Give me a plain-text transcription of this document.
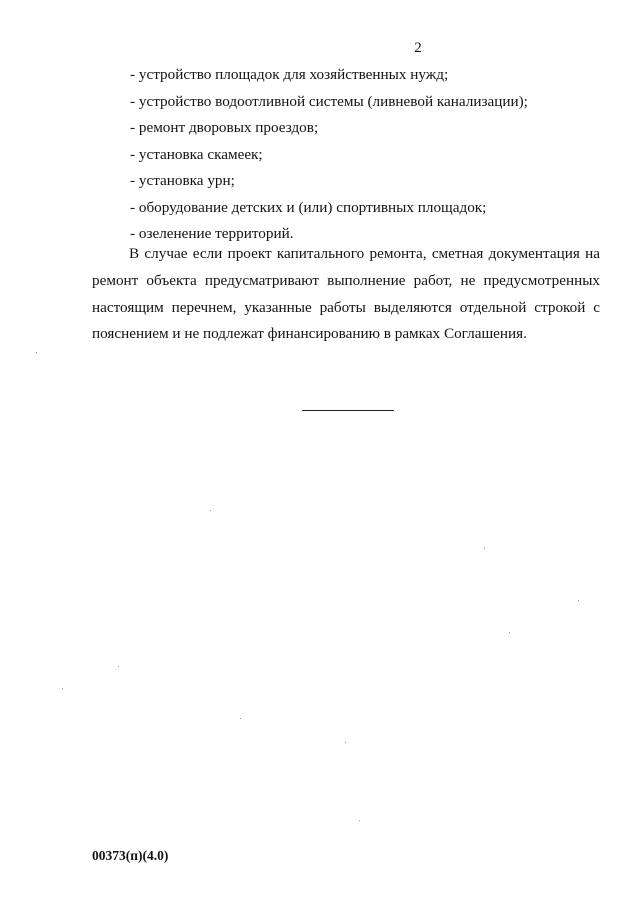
2
- устройство площадок для хозяйственных нужд;
- устройство водоотливной системы (ливневой канализации);
- ремонт дворовых проездов;
- установка скамеек;
- установка урн;
- оборудование детских и (или) спортивных площадок;
- озеленение территорий.

В случае если проект капитального ремонта, сметная документация на ремонт объекта предусматривают выполнение работ, не предусмотренных настоящим перечнем, указанные работы выделяются отдельной строкой с пояснением и не подлежат финансированию в рамках Соглашения.

00373(п)(4.0)
